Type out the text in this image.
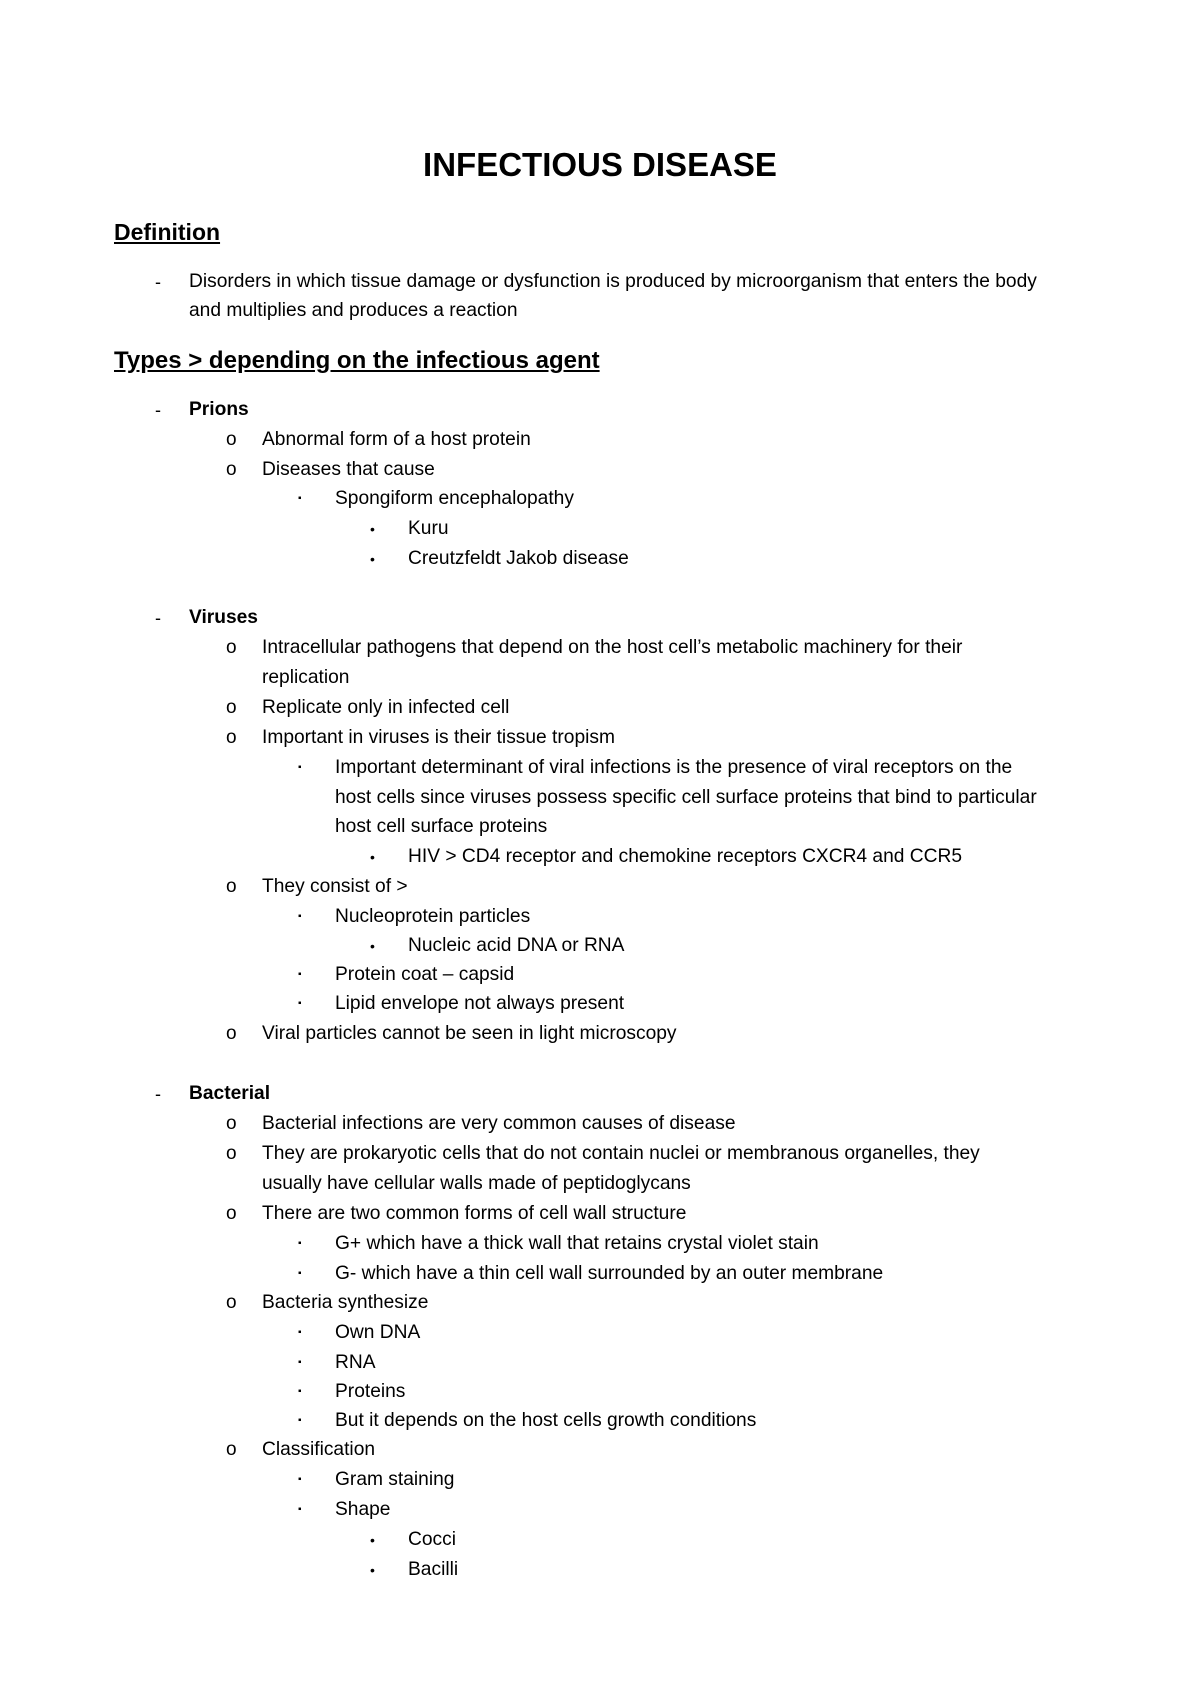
INFECTIOUS DISEASE
Definition
- Disorders in which tissue damage or dysfunction is produced by microorganism that enters the body
and multiplies and produces a reaction
Types > depending on the infectious agent
- Prions
o Abnormal form of a host protein
o Diseases that cause
▪ Spongiform encephalopathy
• Kuru
• Creutzfeldt Jakob disease
- Viruses
o Intracellular pathogens that depend on the host cell’s metabolic machinery for their
replication
o Replicate only in infected cell
o Important in viruses is their tissue tropism
▪ Important determinant of viral infections is the presence of viral receptors on the
host cells since viruses possess specific cell surface proteins that bind to particular
host cell surface proteins
• HIV > CD4 receptor and chemokine receptors CXCR4 and CCR5
o They consist of >
▪ Nucleoprotein particles
• Nucleic acid DNA or RNA
▪ Protein coat – capsid
▪ Lipid envelope not always present
o Viral particles cannot be seen in light microscopy
- Bacterial
o Bacterial infections are very common causes of disease
o They are prokaryotic cells that do not contain nuclei or membranous organelles, they
usually have cellular walls made of peptidoglycans
o There are two common forms of cell wall structure
▪ G+ which have a thick wall that retains crystal violet stain
▪ G- which have a thin cell wall surrounded by an outer membrane
o Bacteria synthesize
▪ Own DNA
▪ RNA
▪ Proteins
▪ But it depends on the host cells growth conditions
o Classification
▪ Gram staining
▪ Shape
• Cocci
• Bacilli
